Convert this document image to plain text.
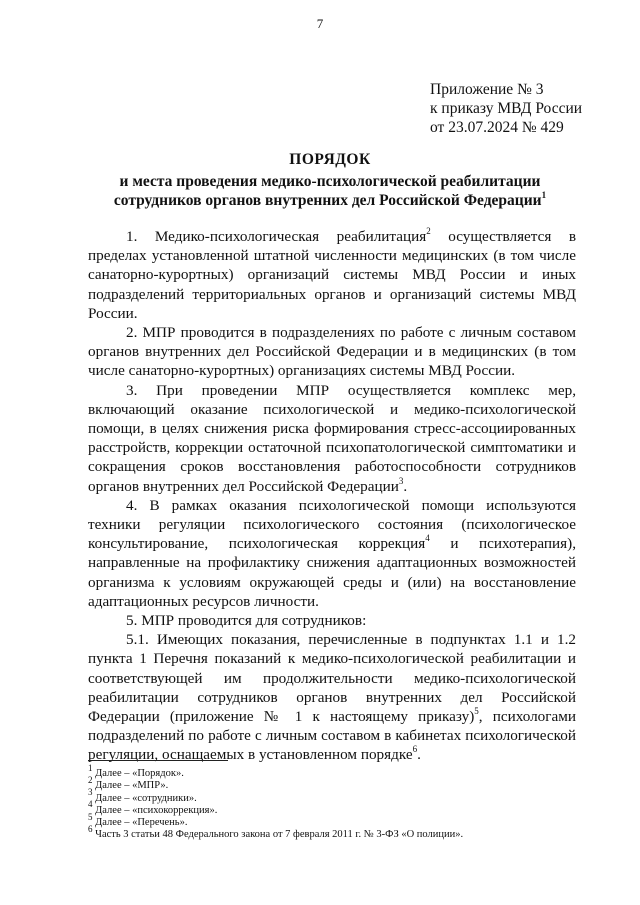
7
Приложение № 3
к приказу МВД России
от 23.07.2024 № 429
ПОРЯДОК
и места проведения медико-психологической реабилитации
сотрудников органов внутренних дел Российской Федерации$^1$

1. Медико-психологическая реабилитация$^2$ осуществляется в пределах установленной штатной численности медицинских (в том числе санаторно-курортных) организаций системы МВД России и иных подразделений территориальных органов и организаций системы МВД России.

2. МПР проводится в подразделениях по работе с личным составом органов внутренних дел Российской Федерации и в медицинских (в том числе санаторно-курортных) организациях системы МВД России.

3. При проведении МПР осуществляется комплекс мер, включающий оказание психологической и медико-психологической помощи, в целях снижения риска формирования стресс-ассоциированных расстройств, коррекции остаточной психопатологической симптоматики и сокращения сроков восстановления работоспособности сотрудников органов внутренних дел Российской Федерации$^3$.

4. В рамках оказания психологической помощи используются техники регуляции психологического состояния (психологическое консультирование, психологическая коррекция$^4$ и психотерапия), направленные на профилактику снижения адаптационных возможностей организма к условиям окружающей среды и (или) на восстановление адаптационных ресурсов личности.

5. МПР проводится для сотрудников:

5.1. Имеющих показания, перечисленные в подпунктах 1.1 и 1.2 пункта 1 Перечня показаний к медико-психологической реабилитации и соответствующей им продолжительности медико-психологической реабилитации сотрудников органов внутренних дел Российской Федерации (приложение № 1 к настоящему приказу)$^5$, психологами подразделений по работе с личным составом в кабинетах психологической регуляции, оснащаемых в установленном порядке$^6$.

$^1$ Далее – «Порядок».
$^2$ Далее – «МПР».
$^3$ Далее – «сотрудники».
$^4$ Далее – «психокоррекция».
$^5$ Далее – «Перечень».
$^6$ Часть 3 статьи 48 Федерального закона от 7 февраля 2011 г. № 3-ФЗ «О полиции».
